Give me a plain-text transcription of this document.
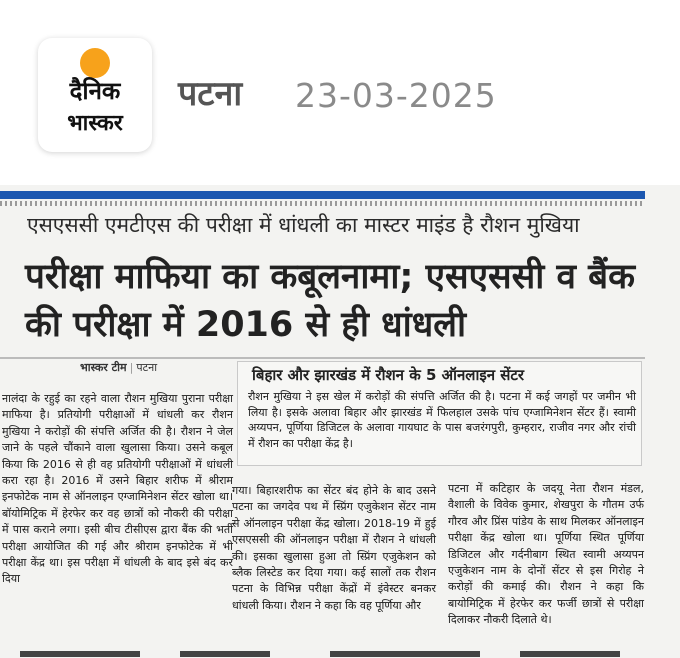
दैनिक
भास्कर
पटना 23-03-2025
एसएससी एमटीएस की परीक्षा में धांधली का मास्टर माइंड है रौशन मुखिया
परीक्षा माफिया का कबूलनामा; एसएससी व बैंक की परीक्षा में 2016 से ही धांधली
भास्कर टीम | पटना
नालंदा के रहुई का रहने वाला रौशन मुखिया पुराना परीक्षा माफिया है। प्रतियोगी परीक्षाओं में धांधली कर रौशन मुखिया ने करोड़ों की संपत्ति अर्जित की है। रौशन ने जेल जाने के पहले चौंकाने वाला खुलासा किया। उसने कबूल किया कि 2016 से ही वह प्रतियोगी परीक्षाओं में धांधली करा रहा है। 2016 में उसने बिहार शरीफ में श्रीराम इनफोटेक नाम से ऑनलाइन एग्जामिनेशन सेंटर खोला था। बॉयोमिट्रिक में हेरफेर कर वह छात्रों को नौकरी की परीक्षा में पास कराने लगा। इसी बीच टीसीएस द्वारा बैंक की भर्ती परीक्षा आयोजित की गई और श्रीराम इनफोटेक में भी परीक्षा केंद्र था। इस परीक्षा में धांधली के बाद इसे बंद कर दिया
बिहार और झारखंड में रौशन के 5 ऑनलाइन सेंटर
रौशन मुखिया ने इस खेल में करोड़ों की संपत्ति अर्जित की है। पटना में कई जगहों पर जमीन भी लिया है। इसके अलावा बिहार और झारखंड में फिलहाल उसके पांच एग्जामिनेशन सेंटर हैं। स्वामी अय्यपन, पूर्णिया डिजिटल के अलावा गायघाट के पास बजरंगपुरी, कुम्हरार, राजीव नगर और रांची में रौशन का परीक्षा केंद्र है।
गया। बिहारशरीफ का सेंटर बंद होने के बाद उसने पटना का जगदेव पथ में स्प्रिंग एजुकेशन सेंटर नाम से ऑनलाइन परीक्षा केंद्र खोला। 2018-19 में हुई एसएससी की ऑनलाइन परीक्षा में रौशन ने धांधली की। इसका खुलासा हुआ तो स्प्रिंग एजुकेशन को ब्लैक लिस्टेड कर दिया गया। कई सालों तक रौशन पटना के विभिन्न परीक्षा केंद्रों में इंवेस्टर बनकर धांधली किया। रौशन ने कहा कि वह पूर्णिया और
पटना में कटिहार के जदयू नेता रौशन मंडल, वैशाली के विवेक कुमार, शेखपुरा के गौतम उर्फ गौरव और प्रिंस पांडेय के साथ मिलकर ऑनलाइन परीक्षा केंद्र खोला था। पूर्णिया स्थित पूर्णिया डिजिटल और गर्दनीबाग स्थित स्वामी अय्यपन एजुकेशन नाम के दोनों सेंटर से इस गिरोह ने करोड़ों की कमाई की। रौशन ने कहा कि बायोमिट्रिक में हेरफेर कर फर्जी छात्रों से परीक्षा दिलाकर नौकरी दिलाते थे।
